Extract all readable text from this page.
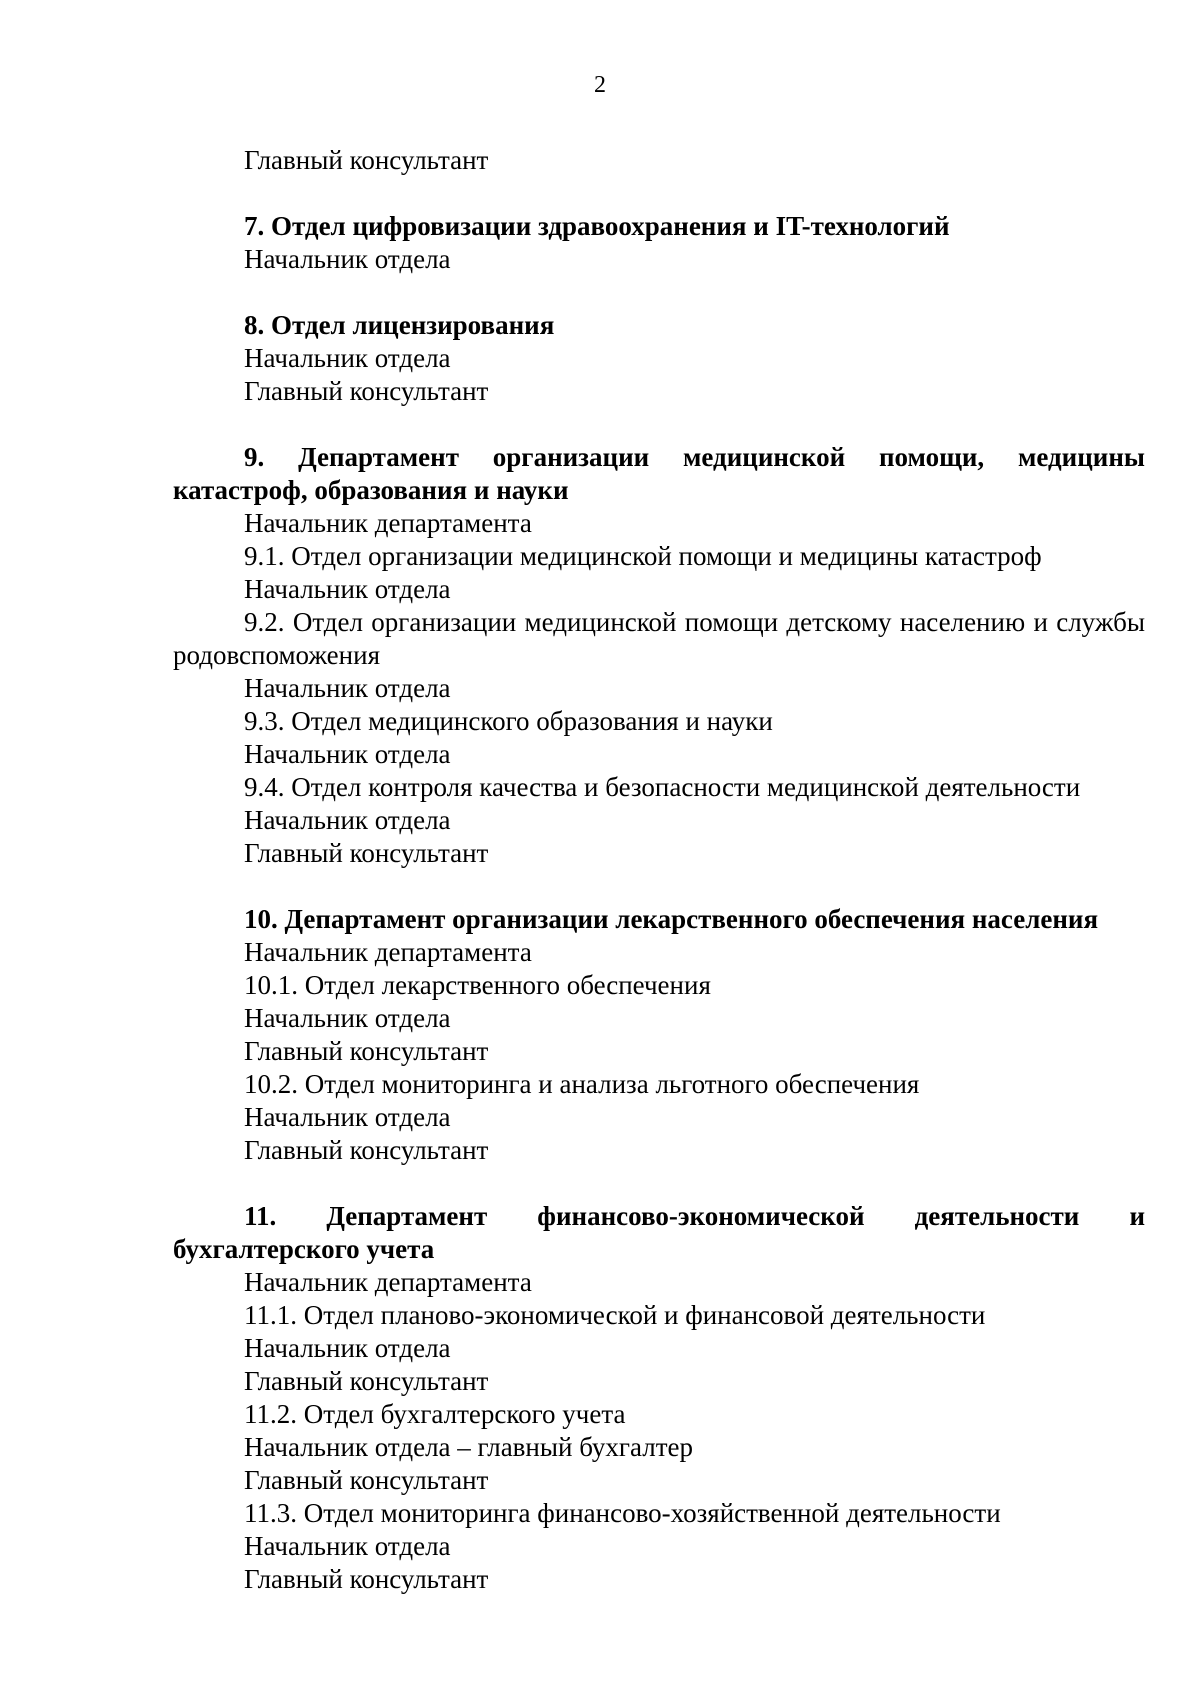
2

Главный консультант

7. Отдел цифровизации здравоохранения и IT-технологий

Начальник отдела

8. Отдел лицензирования

Начальник отдела

Главный консультант

9. Департамент организации медицинской помощи, медицины катастроф, образования и науки

Начальник департамента

9.1. Отдел организации медицинской помощи и медицины катастроф

Начальник отдела

9.2. Отдел организации медицинской помощи детскому населению и службы родовспоможения

Начальник отдела

9.3. Отдел медицинского образования и науки

Начальник отдела

9.4. Отдел контроля качества и безопасности медицинской деятельности

Начальник отдела

Главный консультант

10. Департамент организации лекарственного обеспечения населения

Начальник департамента

10.1. Отдел лекарственного обеспечения

Начальник отдела

Главный консультант

10.2. Отдел мониторинга и анализа льготного обеспечения

Начальник отдела

Главный консультант

11. Департамент финансово-экономической деятельности и бухгалтерского учета

Начальник департамента

11.1. Отдел планово-экономической и финансовой деятельности

Начальник отдела

Главный консультант

11.2. Отдел бухгалтерского учета

Начальник отдела – главный бухгалтер

Главный консультант

11.3. Отдел мониторинга финансово-хозяйственной деятельности

Начальник отдела

Главный консультант
